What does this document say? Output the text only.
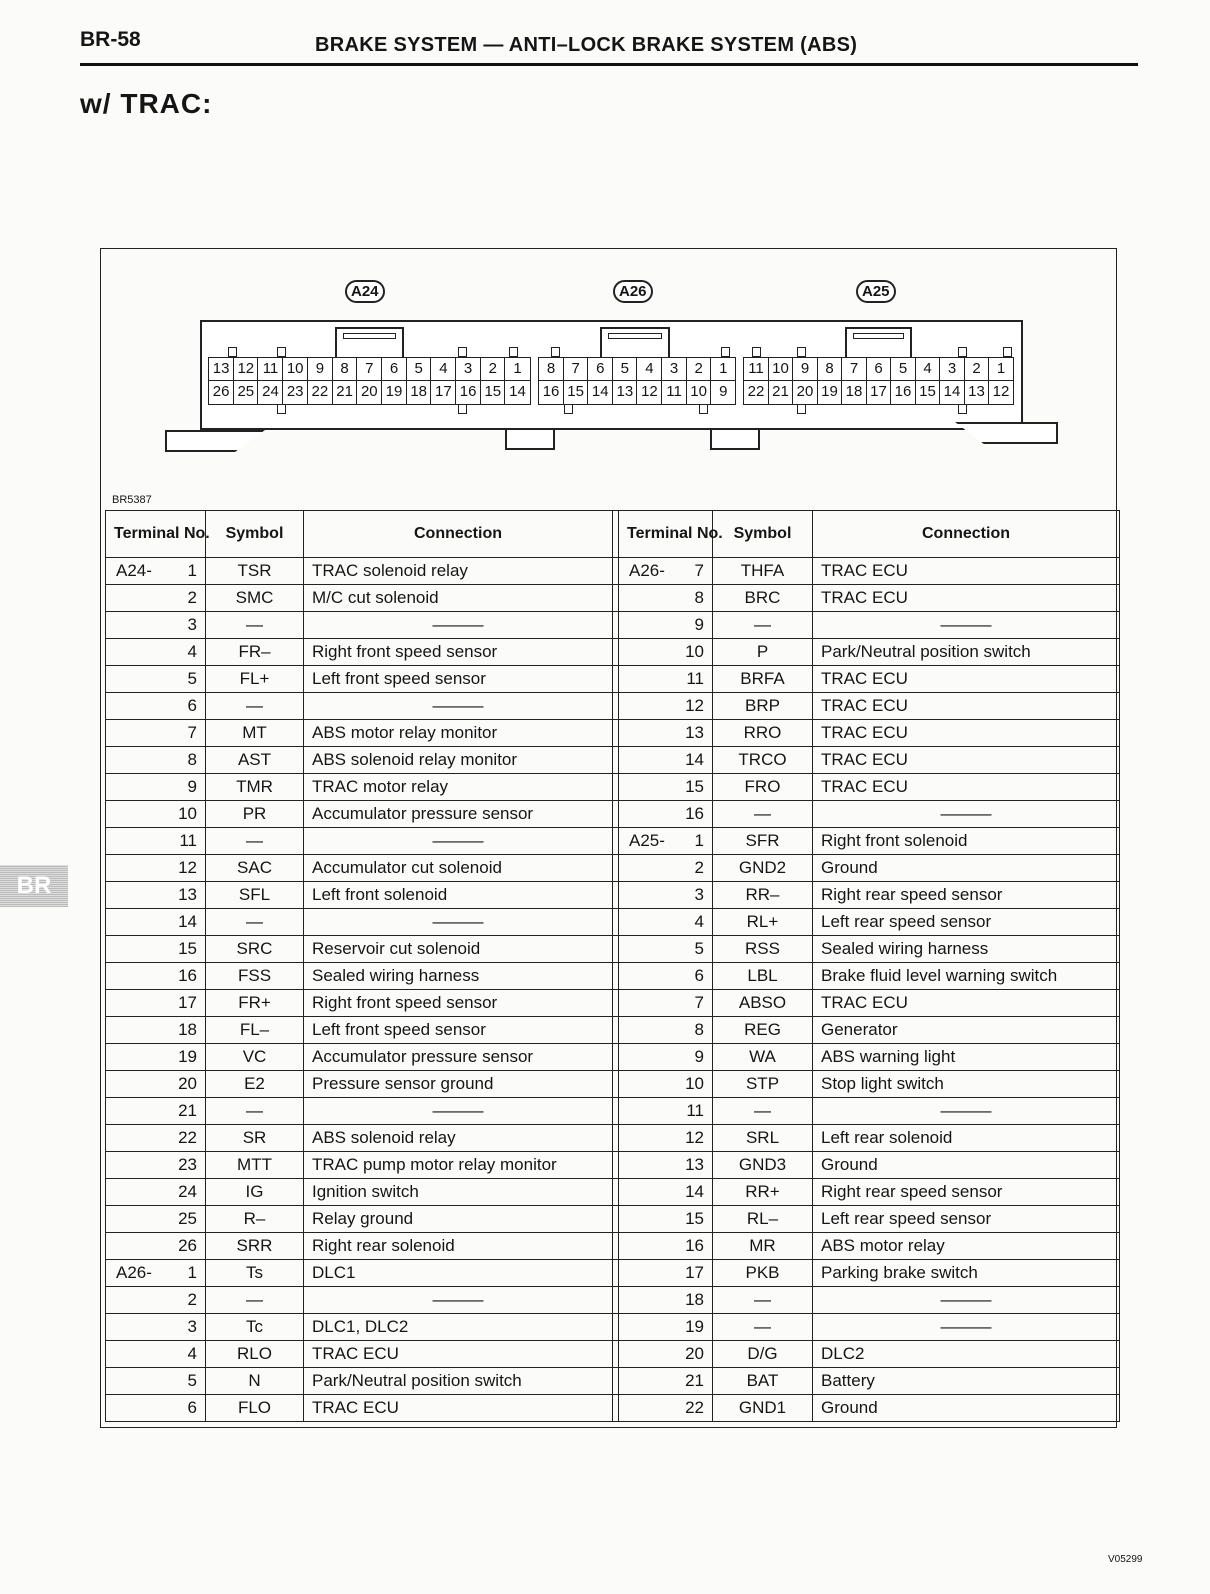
BR-58	BRAKE SYSTEM — ANTI–LOCK BRAKE SYSTEM (ABS)
w/ TRAC:
BR
A24
13 12 11 10 9	8	7	6	5	4	3	2	1
26 25 24 23 22 21 20 19 18 17 16 15 14
A26
8	7	6	5	4	3	2	1
16 15 14 13 12 11 10 9
A25
11 10 9	8	7	6	5	4	3	2	1
22 21 20 19 18 17 16 15 14 13 12
BR5387
Terminal No.	Symbol	Connection		Terminal No.	Symbol	Connection

A24- 1	TSR	TRAC solenoid relay		A26- 7	THFA	TRAC ECU

2	SMC	M/C cut solenoid		8	BRC	TRAC ECU

3	—	———		9	—	———

4	FR–	Right front speed sensor		10	P	Park/Neutral position switch

5	FL+	Left front speed sensor		11	BRFA	TRAC ECU

6	—	———		12	BRP	TRAC ECU

7	MT	ABS motor relay monitor		13	RRO	TRAC ECU

8	AST	ABS solenoid relay monitor		14	TRCO	TRAC ECU

9	TMR	TRAC motor relay		15	FRO	TRAC ECU

10	PR	Accumulator pressure sensor		16	—	———

11	—	———		A25- 1	SFR	Right front solenoid

12	SAC	Accumulator cut solenoid		2	GND2	Ground

13	SFL	Left front solenoid		3	RR–	Right rear speed sensor

14	—	———		4	RL+	Left rear speed sensor

15	SRC	Reservoir cut solenoid		5	RSS	Sealed wiring harness

16	FSS	Sealed wiring harness		6	LBL	Brake fluid level warning switch

17	FR+	Right front speed sensor		7	ABSO	TRAC ECU

18	FL–	Left front speed sensor		8	REG	Generator

19	VC	Accumulator pressure sensor		9	WA	ABS warning light

20	E2	Pressure sensor ground		10	STP	Stop light switch

21	—	———		11	—	———

22	SR	ABS solenoid relay		12	SRL	Left rear solenoid

23	MTT	TRAC pump motor relay monitor		13	GND3	Ground

24	IG	Ignition switch		14	RR+	Right rear speed sensor

25	R–	Relay ground		15	RL–	Left rear speed sensor

26	SRR	Right rear solenoid		16	MR	ABS motor relay

A26- 1	Ts	DLC1		17	PKB	Parking brake switch

2	—	———		18	—	———

3	Tc	DLC1, DLC2		19	—	———

4	RLO	TRAC ECU		20	D/G	DLC2

5	N	Park/Neutral position switch		21	BAT	Battery

6	FLO	TRAC ECU		22	GND1	Ground
V05299
